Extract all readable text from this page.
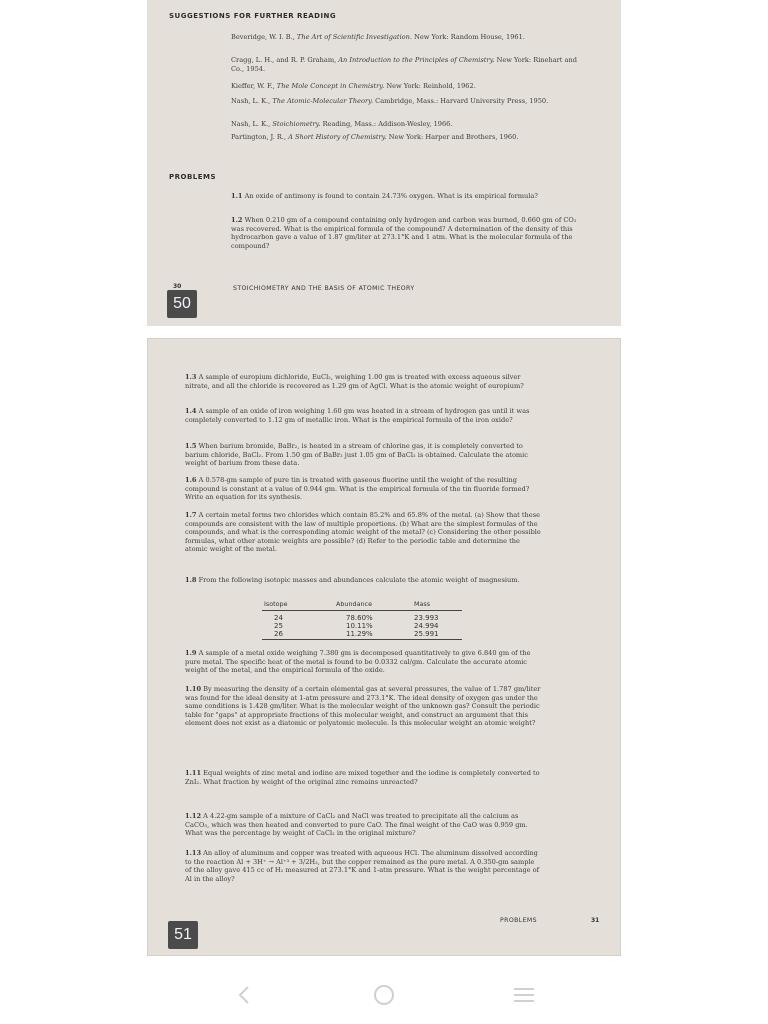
SUGGESTIONS FOR FURTHER READING
Beveridge, W. I. B., The Art of Scientific Investigation. New York: Random House, 1961.
Cragg, L. H., and R. P. Graham, An Introduction to the Principles of Chemistry. New York: Rinehart and Co., 1954.
Kieffer, W. F., The Mole Concept in Chemistry. New York: Reinhold, 1962.
Nash, L. K., The Atomic-Molecular Theory. Cambridge, Mass.: Harvard University Press, 1950.
Nash, L. K., Stoichiometry. Reading, Mass.: Addison-Wesley, 1966.
Partington, J. R., A Short History of Chemistry. New York: Harper and Brothers, 1960.
PROBLEMS
1.1 An oxide of antimony is found to contain 24.73% oxygen. What is its empirical formula?
1.2 When 0.210 gm of a compound containing only hydrogen and carbon was burned, 0.660 gm of CO₂ was recovered. What is the empirical formula of the compound? A determination of the density of this hydrocarbon gave a value of 1.87 gm/liter at 273.1°K and 1 atm. What is the molecular formula of the compound?
30	STOICHIOMETRY AND THE BASIS OF ATOMIC THEORY
50
1.3 A sample of europium dichloride, EuCl₂, weighing 1.00 gm is treated with excess aqueous silver nitrate, and all the chloride is recovered as 1.29 gm of AgCl. What is the atomic weight of europium?
1.4 A sample of an oxide of iron weighing 1.60 gm was heated in a stream of hydrogen gas until it was completely converted to 1.12 gm of metallic iron. What is the empirical formula of the iron oxide?
1.5 When barium bromide, BaBr₂, is heated in a stream of chlorine gas, it is completely converted to barium chloride, BaCl₂. From 1.50 gm of BaBr₂ just 1.05 gm of BaCl₂ is obtained. Calculate the atomic weight of barium from these data.
1.6 A 0.578-gm sample of pure tin is treated with gaseous fluorine until the weight of the resulting compound is constant at a value of 0.944 gm. What is the empirical formula of the tin fluoride formed? Write an equation for its synthesis.
1.7 A certain metal forms two chlorides which contain 85.2% and 65.8% of the metal. (a) Show that these compounds are consistent with the law of multiple proportions. (b) What are the simplest formulas of the compounds, and what is the corresponding atomic weight of the metal? (c) Considering the other possible formulas, what other atomic weights are possible? (d) Refer to the periodic table and determine the atomic weight of the metal.
1.8 From the following isotopic masses and abundances calculate the atomic weight of magnesium.
Isotope	Abundance	Mass
24	78.60%	23.993
25	10.11%	24.994
26	11.29%	25.991
1.9 A sample of a metal oxide weighing 7.380 gm is decomposed quantitatively to give 6.840 gm of the pure metal. The specific heat of the metal is found to be 0.0332 cal/gm. Calculate the accurate atomic weight of the metal, and the empirical formula of the oxide.
1.10 By measuring the density of a certain elemental gas at several pressures, the value of 1.787 gm/liter was found for the ideal density at 1-atm pressure and 273.1°K. The ideal density of oxygen gas under the same conditions is 1.428 gm/liter. What is the molecular weight of the unknown gas? Consult the periodic table for "gaps" at appropriate fractions of this molecular weight, and construct an argument that this element does not exist as a diatomic or polyatomic molecule. Is this molecular weight an atomic weight?
1.11 Equal weights of zinc metal and iodine are mixed together and the iodine is completely converted to ZnI₂. What fraction by weight of the original zinc remains unreacted?
1.12 A 4.22-gm sample of a mixture of CaCl₂ and NaCl was treated to precipitate all the calcium as CaCO₃, which was then heated and converted to pure CaO. The final weight of the CaO was 0.959 gm. What was the percentage by weight of CaCl₂ in the original mixture?
1.13 An alloy of aluminum and copper was treated with aqueous HCl. The aluminum dissolved according to the reaction Al + 3H⁺ → Al⁺³ + 3/2H₂, but the copper remained as the pure metal. A 0.350-gm sample of the alloy gave 415 cc of H₂ measured at 273.1°K and 1-atm pressure. What is the weight percentage of Al in the alloy?
PROBLEMS	31
51
